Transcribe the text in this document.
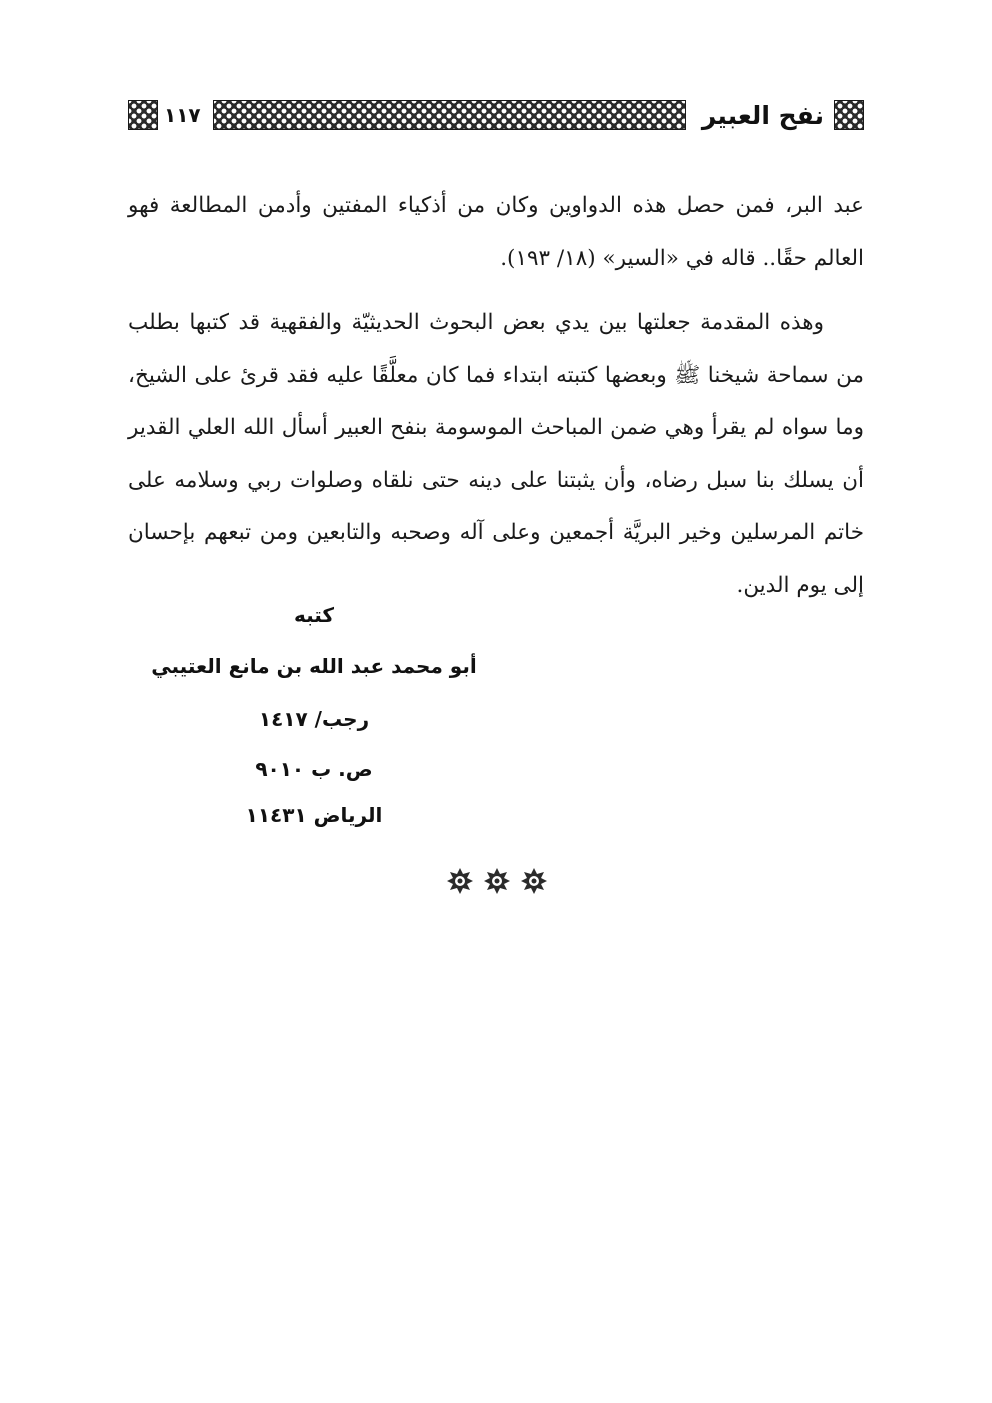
نفح العبير
١١٧

عبد البر، فمن حصل هذه الدواوين وكان من أذكياء المفتين وأدمن المطالعة فهو العالم حقًا.. قاله في «السير» (١٨/ ١٩٣).

وهذه المقدمة جعلتها بين يدي بعض البحوث الحديثيّة والفقهية قد كتبها بطلب من سماحة شيخنا ﷺ وبعضها كتبته ابتداء فما كان معلَّقًا عليه فقد قرئ على الشيخ، وما سواه لم يقرأ وهي ضمن المباحث الموسومة بنفح العبير أسأل الله العلي القدير أن يسلك بنا سبل رضاه، وأن يثبتنا على دينه حتى نلقاه وصلوات ربي وسلامه على خاتم المرسلين وخير البريَّة أجمعين وعلى آله وصحبه والتابعين ومن تبعهم بإحسان إلى يوم الدين.

كتبه
أبو محمد عبد الله بن مانع العتيبي
رجب/ ١٤١٧
ص. ب ٩٠١٠
الرياض ١١٤٣١
